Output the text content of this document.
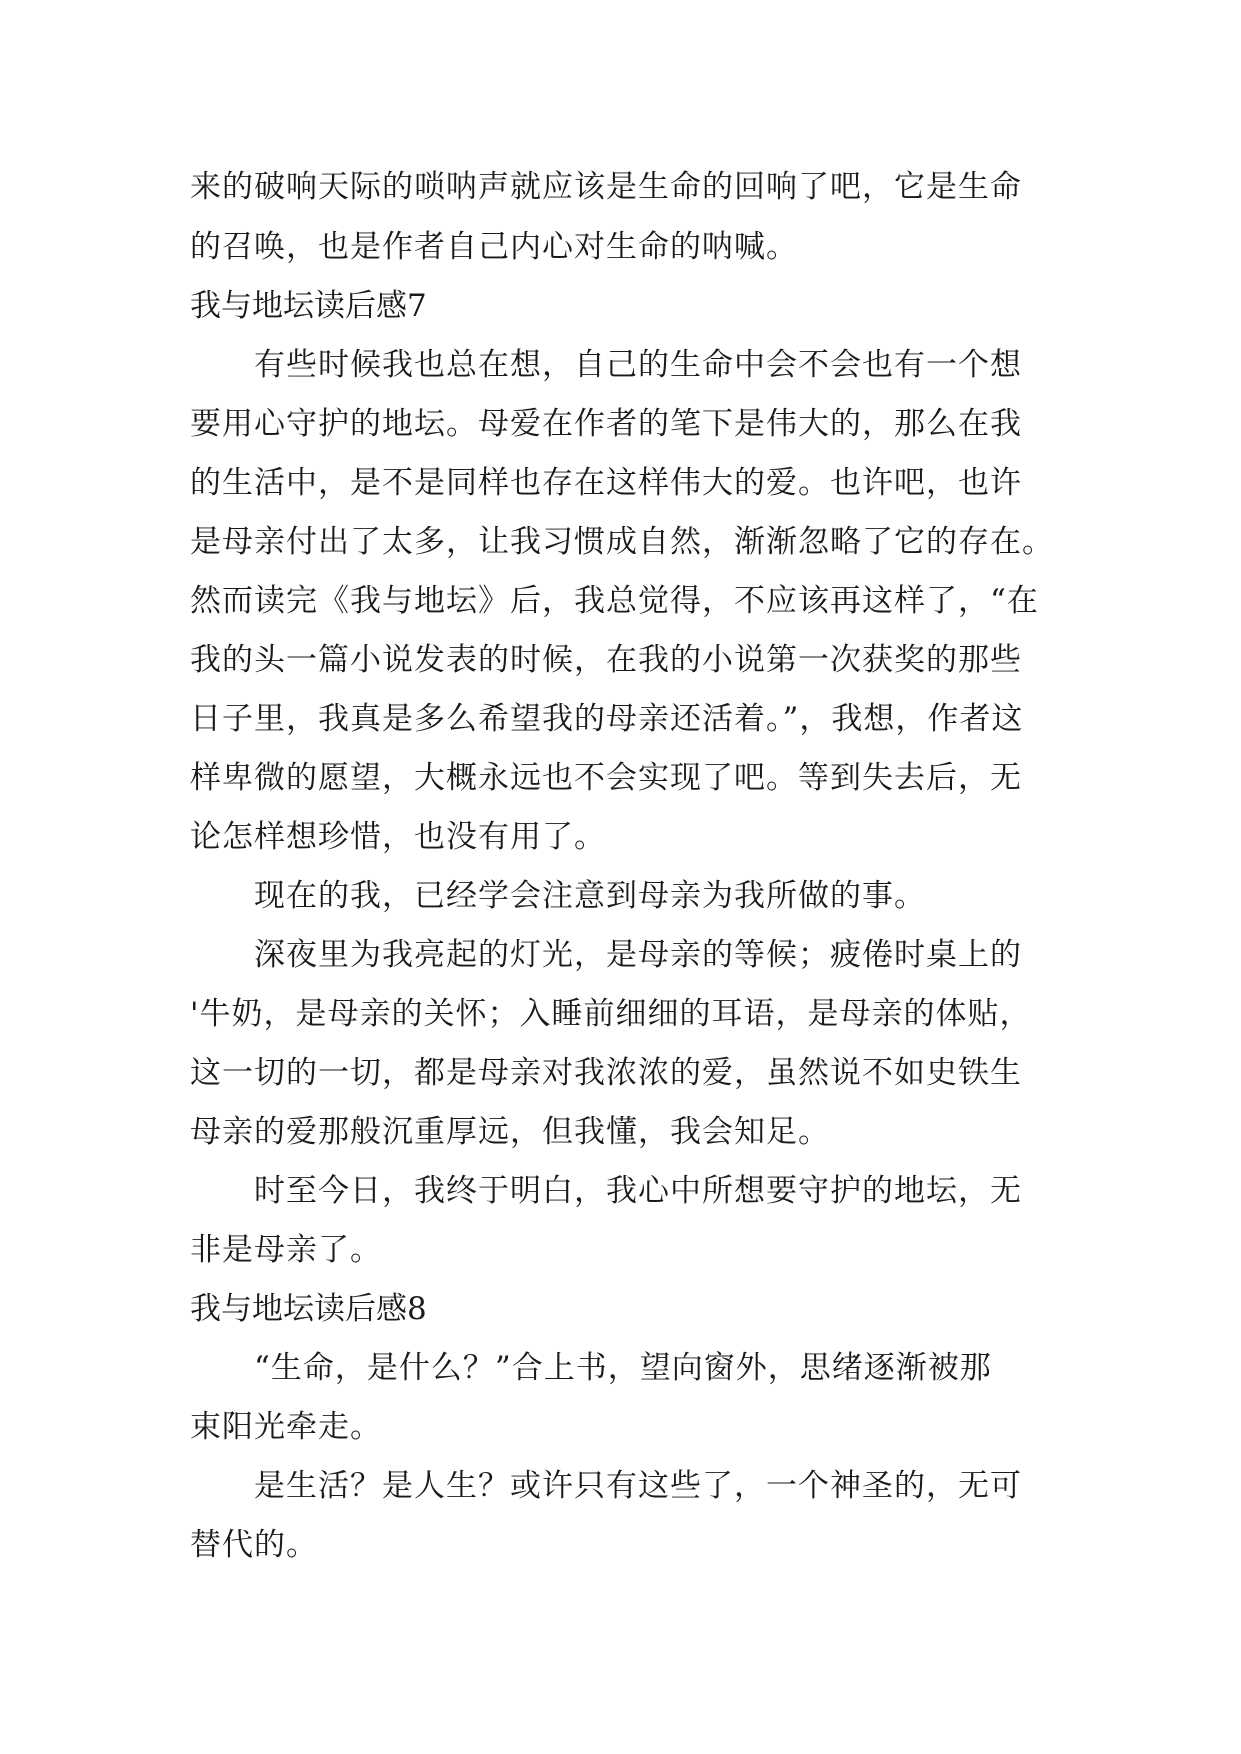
来的破响天际的唢呐声就应该是生命的回响了吧，它是生命
的召唤，也是作者自己内心对生命的呐喊。
我与地坛读后感7
有些时候我也总在想，自己的生命中会不会也有一个想
要用心守护的地坛。母爱在作者的笔下是伟大的，那么在我
的生活中，是不是同样也存在这样伟大的爱。也许吧，也许
是母亲付出了太多，让我习惯成自然，渐渐忽略了它的存在。
然而读完《我与地坛》后，我总觉得，不应该再这样了，“在
我的头一篇小说发表的时候，在我的小说第一次获奖的那些
日子里，我真是多么希望我的母亲还活着。”，我想，作者这
样卑微的愿望，大概永远也不会实现了吧。等到失去后，无
论怎样想珍惜，也没有用了。
现在的我，已经学会注意到母亲为我所做的事。
深夜里为我亮起的灯光，是母亲的等候；疲倦时桌上的
'牛奶，是母亲的关怀；入睡前细细的耳语，是母亲的体贴，
这一切的一切，都是母亲对我浓浓的爱，虽然说不如史铁生
母亲的爱那般沉重厚远，但我懂，我会知足。
时至今日，我终于明白，我心中所想要守护的地坛，无
非是母亲了。
我与地坛读后感8
“生命，是什么？”合上书，望向窗外，思绪逐渐被那
束阳光牵走。
是生活？是人生？或许只有这些了，一个神圣的，无可
替代的。
